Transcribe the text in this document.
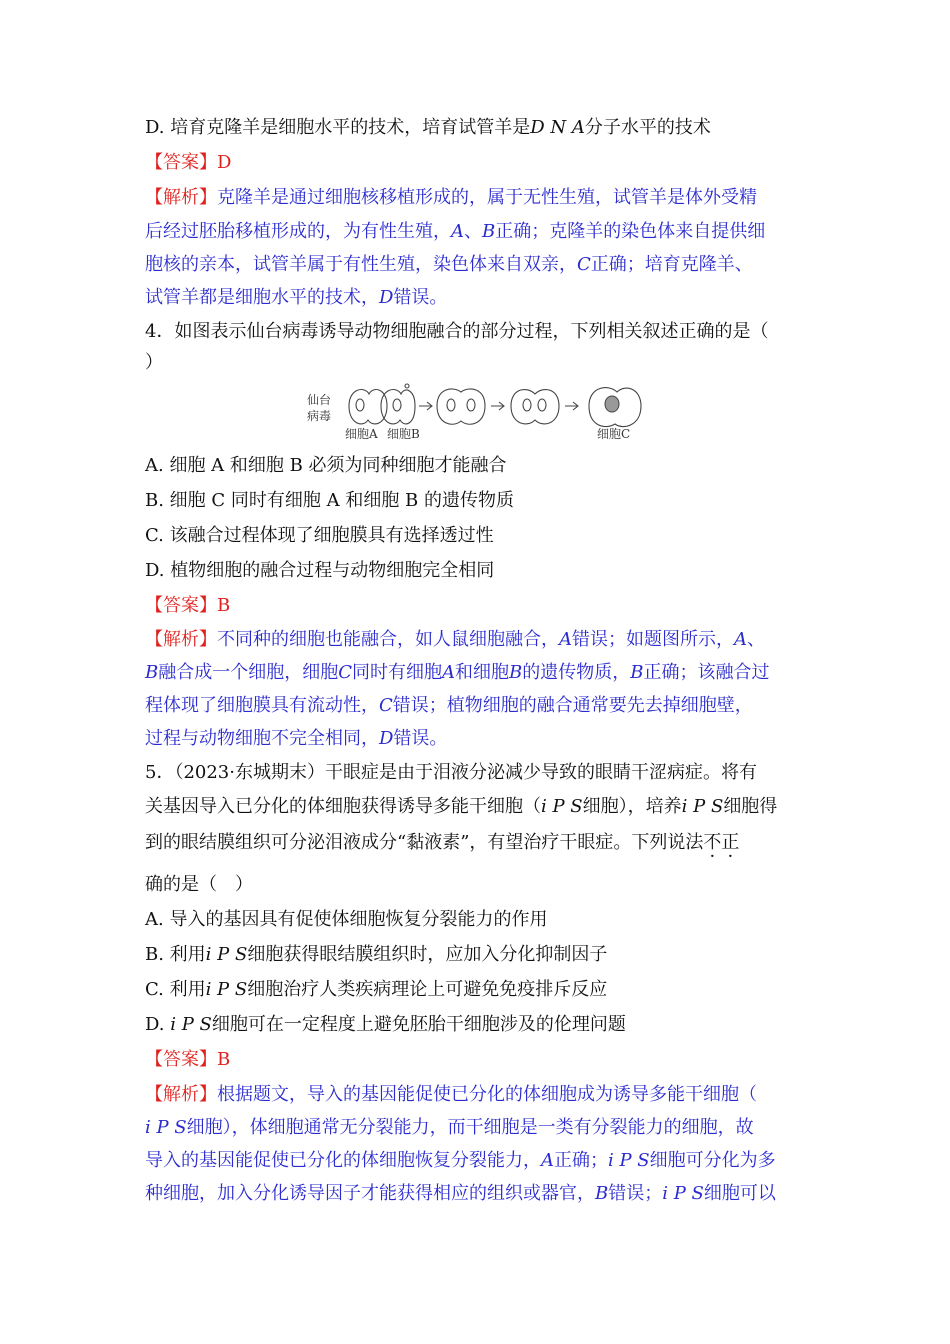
D. 培育克隆羊是细胞水平的技术，培育试管羊是D N A分子水平的技术
【答案】D
【解析】克隆羊是通过细胞核移植形成的，属于无性生殖，试管羊是体外受精
后经过胚胎移植形成的，为有性生殖，A、B正确；克隆羊的染色体来自提供细
胞核的亲本，试管羊属于有性生殖，染色体来自双亲，C正确；培育克隆羊、
试管羊都是细胞水平的技术，D错误。
4．如图表示仙台病毒诱导动物细胞融合的部分过程，下列相关叙述正确的是（
）
仙台
病毒
细胞A 细胞B	细胞C
A. 细胞 A 和细胞 B 必须为同种细胞才能融合
B. 细胞 C 同时有细胞 A 和细胞 B 的遗传物质
C. 该融合过程体现了细胞膜具有选择透过性
D. 植物细胞的融合过程与动物细胞完全相同
【答案】B
【解析】不同种的细胞也能融合，如人鼠细胞融合，A错误；如题图所示，A、
B融合成一个细胞，细胞C同时有细胞A和细胞B的遗传物质，B正确；该融合过
程体现了细胞膜具有流动性，C错误；植物细胞的融合通常要先去掉细胞壁，
过程与动物细胞不完全相同，D错误。
5．（2023·东城期末）干眼症是由于泪液分泌减少导致的眼睛干涩病症。将有
关基因导入已分化的体细胞获得诱导多能干细胞（i P S细胞），培养i P S细胞得
到的眼结膜组织可分泌泪液成分“黏液素”，有望治疗干眼症。下列说法不正
确的是（　）
A. 导入的基因具有促使体细胞恢复分裂能力的作用
B. 利用i P S细胞获得眼结膜组织时，应加入分化抑制因子
C. 利用i P S细胞治疗人类疾病理论上可避免免疫排斥反应
D. i P S细胞可在一定程度上避免胚胎干细胞涉及的伦理问题
【答案】B
【解析】根据题文，导入的基因能促使已分化的体细胞成为诱导多能干细胞（
i P S细胞），体细胞通常无分裂能力，而干细胞是一类有分裂能力的细胞，故
导入的基因能促使已分化的体细胞恢复分裂能力，A正确；i P S细胞可分化为多
种细胞，加入分化诱导因子才能获得相应的组织或器官，B错误；i P S细胞可以
